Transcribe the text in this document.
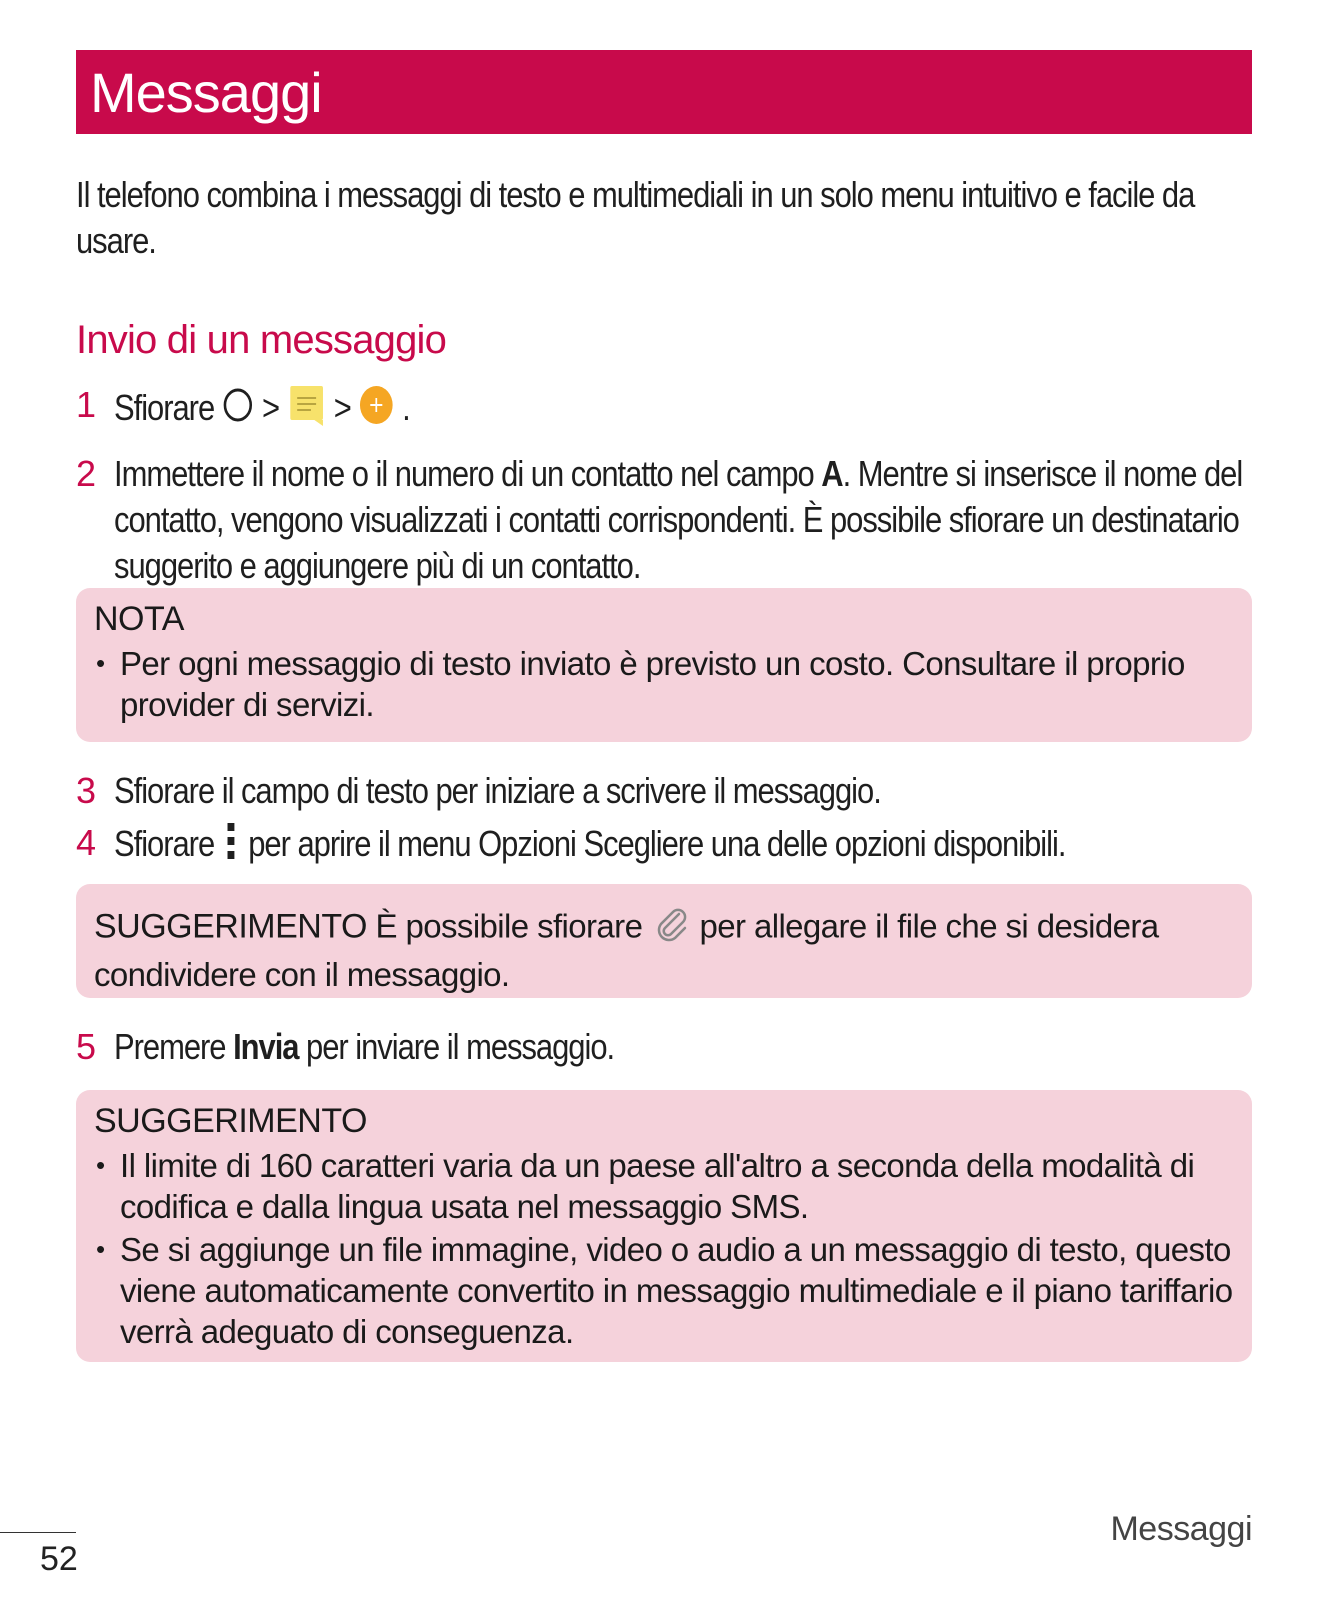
Messaggi
Il telefono combina i messaggi di testo e multimediali in un solo menu intuitivo e facile da usare.
Invio di un messaggio
1 Sfiorare > > .
2 Immettere il nome o il numero di un contatto nel campo A. Mentre si inserisce il nome del contatto, vengono visualizzati i contatti corrispondenti. È possibile sfiorare un destinatario suggerito e aggiungere più di un contatto.
NOTA
• Per ogni messaggio di testo inviato è previsto un costo. Consultare il proprio provider di servizi.
3 Sfiorare il campo di testo per iniziare a scrivere il messaggio.
4 Sfiorare per aprire il menu Opzioni Scegliere una delle opzioni disponibili.
SUGGERIMENTO È possibile sfiorare per allegare il file che si desidera condividere con il messaggio.
5 Premere Invia per inviare il messaggio.
SUGGERIMENTO
• Il limite di 160 caratteri varia da un paese all'altro a seconda della modalità di codifica e dalla lingua usata nel messaggio SMS.
• Se si aggiunge un file immagine, video o audio a un messaggio di testo, questo viene automaticamente convertito in messaggio multimediale e il piano tariffario verrà adeguato di conseguenza.
52
Messaggi
